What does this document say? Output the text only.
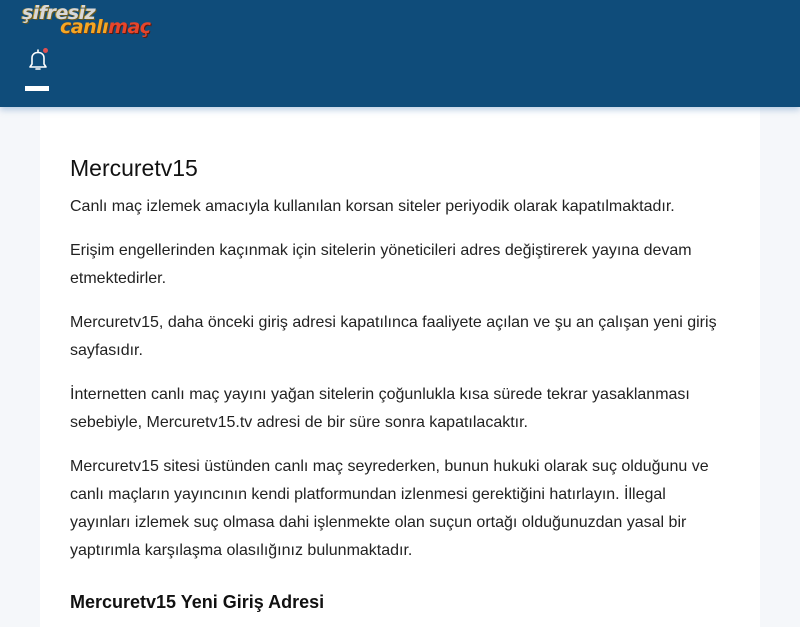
şifresiz
canlımaç
Mercuretv15

Canlı maç izlemek amacıyla kullanılan korsan siteler periyodik olarak kapatılmaktadır.

Erişim engellerinden kaçınmak için sitelerin yöneticileri adres değiştirerek yayına devam etmektedirler.

Mercuretv15, daha önceki giriş adresi kapatılınca faaliyete açılan ve şu an çalışan yeni giriş sayfasıdır.

İnternetten canlı maç yayını yağan sitelerin çoğunlukla kısa sürede tekrar yasaklanması sebebiyle, Mercuretv15.tv adresi de bir süre sonra kapatılacaktır.

Mercuretv15 sitesi üstünden canlı maç seyrederken, bunun hukuki olarak suç olduğunu ve canlı maçların yayıncının kendi platformundan izlenmesi gerektiğini hatırlayın. İllegal yayınları izlemek suç olmasa dahi işlenmekte olan suçun ortağı olduğunuzdan yasal bir yaptırımla karşılaşma olasılığınız bulunmaktadır.

Mercuretv15 Yeni Giriş Adresi
